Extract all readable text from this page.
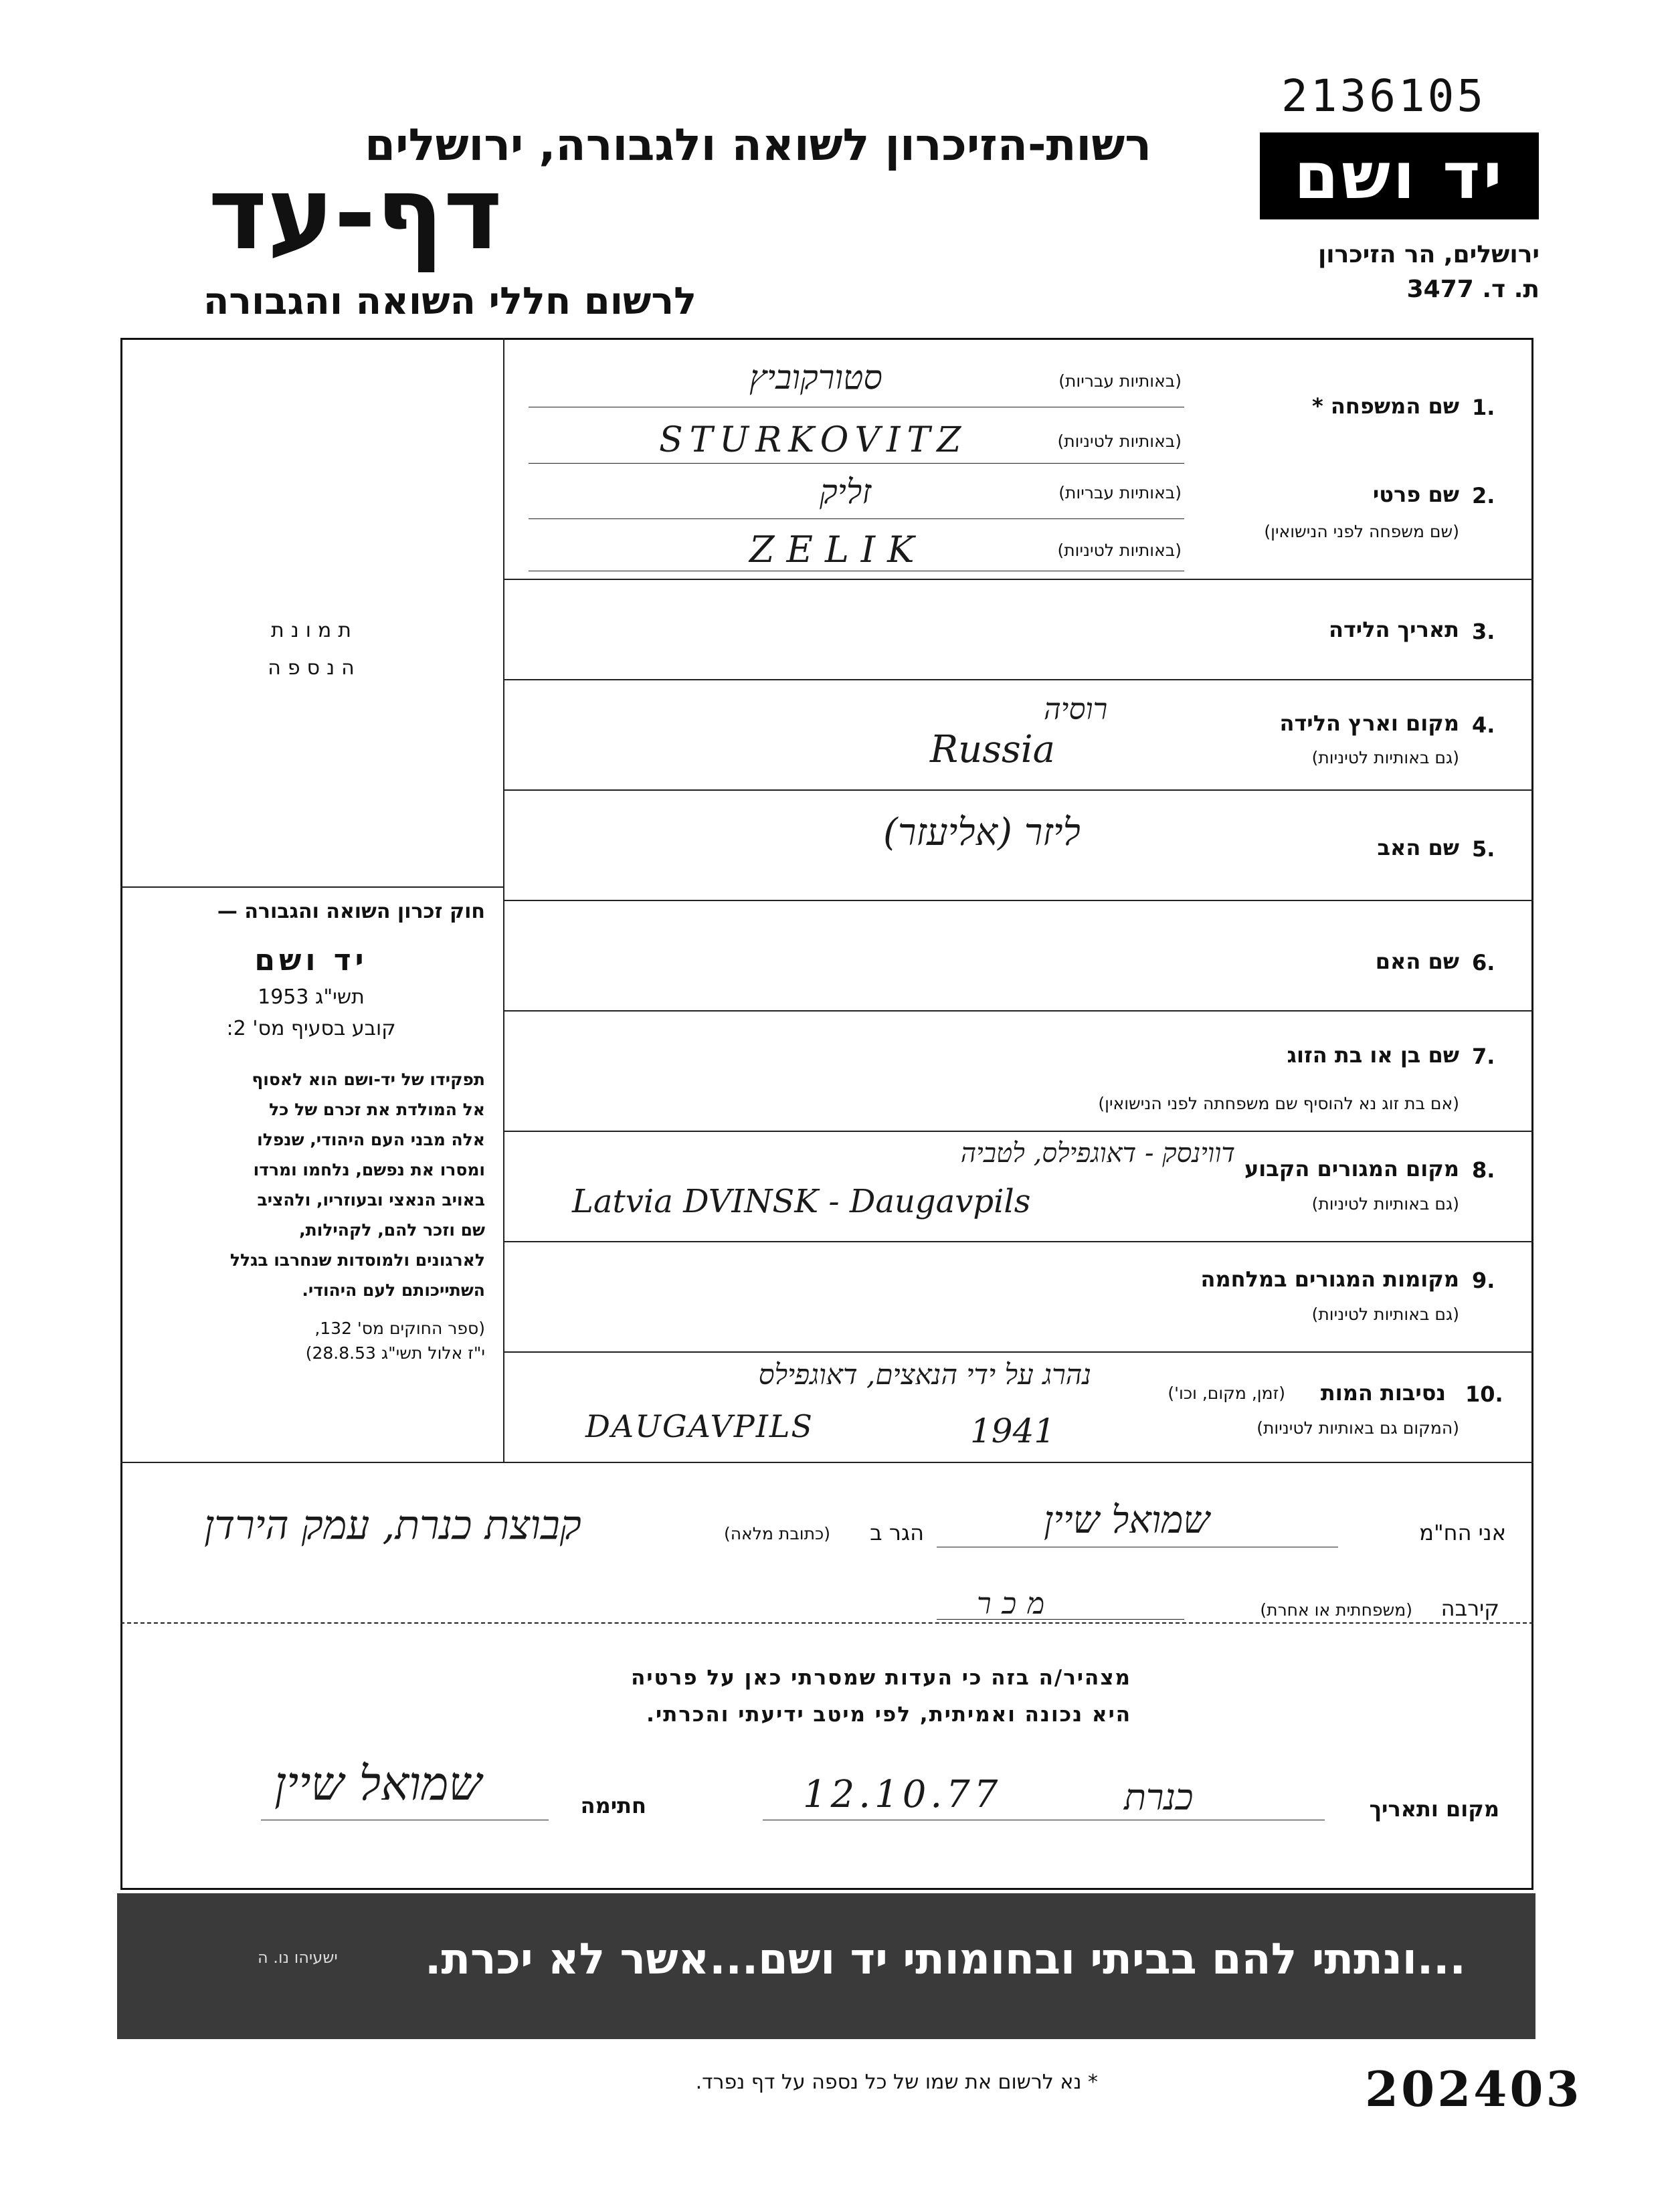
2136105
רשות-הזיכרון לשואה ולגבורה, ירושלים
דף-עד
לרשום חללי השואה והגבורה
יד ושם
ירושלים, הר הזיכרון
ת. ד. 3477
תמונת
הנספה
חוק זכרון השואה והגבורה —
יד ושם
תשי"ג 1953
קובע בסעיף מס' 2:
תפקידו של יד-ושם הוא לאסוף
אל המולדת את זכרם של כל
אלה מבני העם היהודי, שנפלו
ומסרו את נפשם, נלחמו ומרדו
באויב הנאצי ובעוזריו, ולהציב
שם וזכר להם, לקהילות,
לארגונים ולמוסדות שנחרבו בגלל
השתייכותם לעם היהודי.
(ספר החוקים מס' 132,
י"ז אלול תשי"ג 28.8.53)
1.
שם המשפחה *
(באותיות עבריות)
(באותיות לטיניות)
סטורקוביץ
STURKOVITZ
2.
שם פרטי
(שם משפחה לפני הנישואין)
(באותיות עבריות)
(באותיות לטיניות)
זליק
ZELIK
3.
תאריך הלידה
4.
מקום וארץ הלידה
(גם באותיות לטיניות)
רוסיה
Russia
5.
שם האב
ליזר (אליעזר)
6.
שם האם
7.
שם בן או בת הזוג
(אם בת זוג נא להוסיף שם משפחתה לפני הנישואין)
8.
מקום המגורים הקבוע
(גם באותיות לטיניות)
דווינסק - דאוגפילס, לטביה
Latvia DVINSK - Daugavpils
9.
מקומות המגורים במלחמה
(גם באותיות לטיניות)
10.
נסיבות המות
(זמן, מקום, וכו')
(המקום גם באותיות לטיניות)
נהרג על ידי הנאצים, דאוגפילס
DAUGAVPILS	1941
אני הח"מ
שמואל שיין
הגר ב
(כתובת מלאה)
קבוצת כנרת, עמק הירדן
קירבה
(משפחתית או אחרת)
מכר
מצהיר/ה בזה כי העדות שמסרתי כאן על פרטיה
היא נכונה ואמיתית, לפי מיטב ידיעתי והכרתי.
מקום ותאריך
כנרת
12.10.77
חתימה
שמואל שיין
ישעיהו נו. ה ...ונתתי להם בביתי ובחומותי יד ושם...אשר לא יכרת.
* נא לרשום את שמו של כל נספה על דף נפרד.	202403
